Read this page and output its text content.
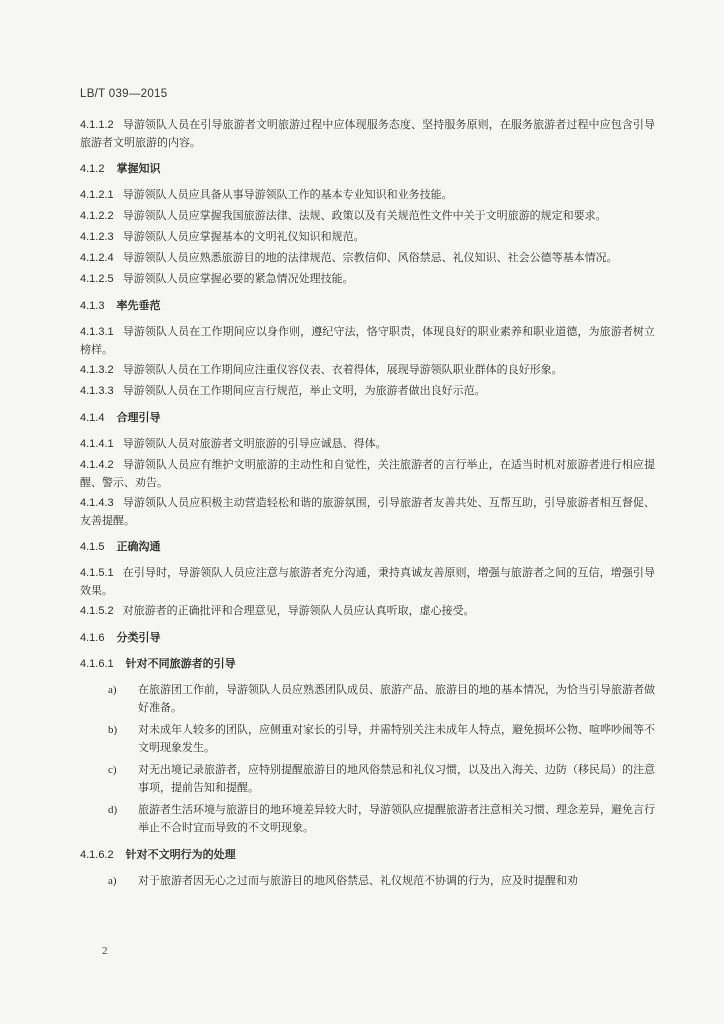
LB/T 039—2015

4.1.1.2 导游领队人员在引导旅游者文明旅游过程中应体现服务态度、坚持服务原则，在服务旅游者过程中应包含引导旅游者文明旅游的内容。

4.1.2 掌握知识

4.1.2.1 导游领队人员应具备从事导游领队工作的基本专业知识和业务技能。

4.1.2.2 导游领队人员应掌握我国旅游法律、法规、政策以及有关规范性文件中关于文明旅游的规定和要求。

4.1.2.3 导游领队人员应掌握基本的文明礼仪知识和规范。

4.1.2.4 导游领队人员应熟悉旅游目的地的法律规范、宗教信仰、风俗禁忌、礼仪知识、社会公德等基本情况。

4.1.2.5 导游领队人员应掌握必要的紧急情况处理技能。

4.1.3 率先垂范

4.1.3.1 导游领队人员在工作期间应以身作则，遵纪守法，恪守职责，体现良好的职业素养和职业道德，为旅游者树立榜样。

4.1.3.2 导游领队人员在工作期间应注重仪容仪表、衣着得体，展现导游领队职业群体的良好形象。

4.1.3.3 导游领队人员在工作期间应言行规范，举止文明，为旅游者做出良好示范。

4.1.4 合理引导

4.1.4.1 导游领队人员对旅游者文明旅游的引导应诚恳、得体。

4.1.4.2 导游领队人员应有维护文明旅游的主动性和自觉性，关注旅游者的言行举止，在适当时机对旅游者进行相应提醒、警示、劝告。

4.1.4.3 导游领队人员应积极主动营造轻松和谐的旅游氛围，引导旅游者友善共处、互帮互助，引导旅游者相互督促、友善提醒。

4.1.5 正确沟通

4.1.5.1 在引导时，导游领队人员应注意与旅游者充分沟通，秉持真诚友善原则，增强与旅游者之间的互信，增强引导效果。

4.1.5.2 对旅游者的正确批评和合理意见，导游领队人员应认真听取，虚心接受。

4.1.6 分类引导
4.1.6.1 针对不同旅游者的引导
a) 在旅游团工作前，导游领队人员应熟悉团队成员、旅游产品、旅游目的地的基本情况，为恰当引导旅游者做好准备。
b) 对未成年人较多的团队，应侧重对家长的引导，并需特别关注未成年人特点，避免损坏公物、喧哗吵闹等不文明现象发生。
c) 对无出境记录旅游者，应特别提醒旅游目的地风俗禁忌和礼仪习惯，以及出入海关、边防（移民局）的注意事项，提前告知和提醒。
d) 旅游者生活环境与旅游目的地环境差异较大时，导游领队应提醒旅游者注意相关习惯、理念差异，避免言行举止不合时宜而导致的不文明现象。
4.1.6.2 针对不文明行为的处理
a) 对于旅游者因无心之过而与旅游目的地风俗禁忌、礼仪规范不协调的行为，应及时提醒和劝
2
